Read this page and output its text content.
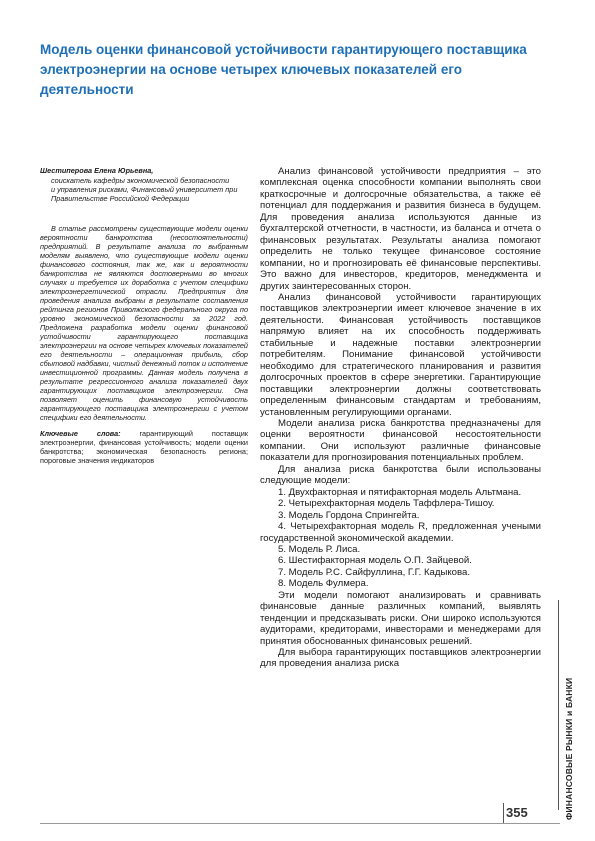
Модель оценки финансовой устойчивости гарантирующего поставщика электроэнергии на основе четырех ключевых показателей его деятельности

Шестиперова Елена Юрьевна,

соискатель кафедры экономической безопасности
и управления рисками, Финансовый университет при
Правительстве Российской Федерации

В статье рассмотрены существующие модели оценки вероятности банкротства (несостоятельности) предприятий. В результате анализа по выбранным моделям выявлено, что существующие модели оценки финансового состояния, так же, как и вероятности банкротства не являются достоверными во многих случаях и требуется их доработка с учетом специфики электроэнергетической отрасли. Предприятия для проведения анализа выбраны в результате составления рейтинга регионов Приволжского федерального округа по уровню экономической безопасности за 2022 год. Предложена разработка модели оценки финансовой устойчивости гарантирующего поставщика электроэнергии на основе четырех ключевых показателей его деятельности – операционная прибыль, сбор сбытовой надбавки, чистый денежный поток и исполнение инвестиционной программы. Данная модель получена в результате регрессионного анализа показателей двух гарантирующих поставщиков электроэнергии. Она позволяет оценить финансовую устойчивость гарантирующего поставщика электроэнергии с учетом специфики его деятельности.

Ключевые слова: гарантирующий поставщик электроэнергии, финансовая устойчивость; модели оценки банкротства; экономическая безопасность региона; пороговые значения индикаторов

Анализ финансовой устойчивости предприятия – это комплексная оценка способности компании выполнять свои краткосрочные и долгосрочные обязательства, а также её потенциал для поддержания и развития бизнеса в будущем. Для проведения анализа используются данные из бухгалтерской отчетности, в частности, из баланса и отчета о финансовых результатах. Результаты анализа помогают определить не только текущее финансовое состояние компании, но и прогнозировать её финансовые перспективы. Это важно для инвесторов, кредиторов, менеджмента и других заинтересованных сторон.

Анализ финансовой устойчивости гарантирующих поставщиков электроэнергии имеет ключевое значение в их деятельности. Финансовая устойчивость поставщиков напрямую влияет на их способность поддерживать стабильные и надежные поставки электроэнергии потребителям. Понимание финансовой устойчивости необходимо для стратегического планирования и развития долгосрочных проектов в сфере энергетики. Гарантирующие поставщики электроэнергии должны соответствовать определенным финансовым стандартам и требованиям, установленным регулирующими органами.

Модели анализа риска банкротства предназначены для оценки вероятности финансовой несостоятельности компании. Они используют различные финансовые показатели для прогнозирования потенциальных проблем.

Для анализа риска банкротства были использованы следующие модели:

1. Двухфакторная и пятифакторная модель Альтмана.

2. Четырехфакторная модель Таффлера-Тишоу.

3. Модель Гордона Спрингейта.

4. Четырехфакторная модель R, предложенная учеными государственной экономической академии.

5. Модель Р. Лиса.

6. Шестифакторная модель О.П. Зайцевой.

7. Модель Р.С. Сайфуллина, Г.Г. Кадыкова.

8. Модель Фулмера.

Эти модели помогают анализировать и сравнивать финансовые данные различных компаний, выявлять тенденции и предсказывать риски. Они широко используются аудиторами, кредиторами, инвесторами и менеджерами для принятия обоснованных финансовых решений.

Для выбора гарантирующих поставщиков электроэнергии для проведения анализа риска

ФИНАНСОВЫЕ РЫНКИ и БАНКИ
355
